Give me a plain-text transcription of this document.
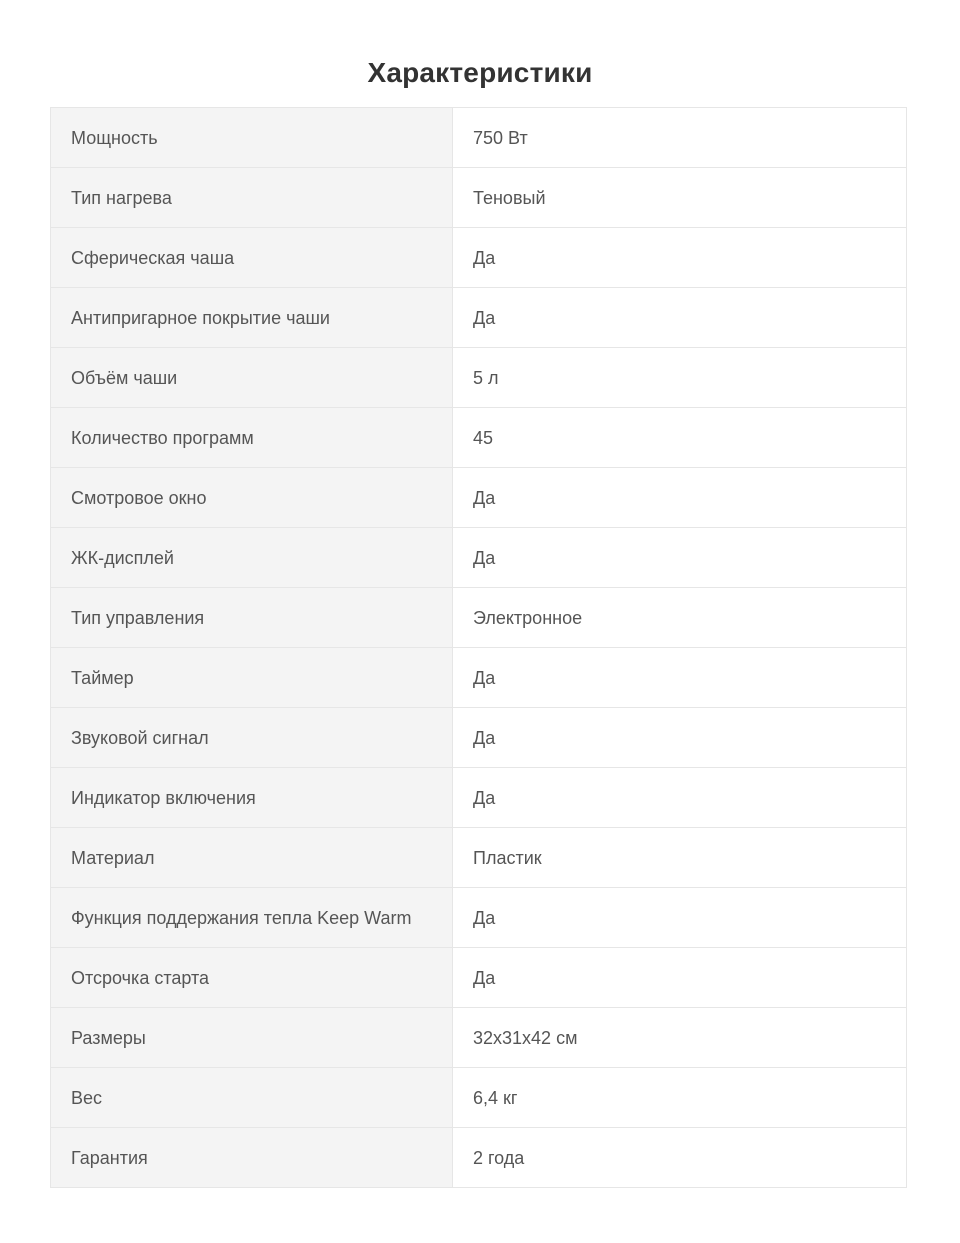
Характеристики
Мощность	750 Вт
Тип нагрева	Теновый
Сферическая чаша	Да
Антипригарное покрытие чаши	Да
Объём чаши	5 л
Количество программ	45
Смотровое окно	Да
ЖК-дисплей	Да
Тип управления	Электронное
Таймер	Да
Звуковой сигнал	Да
Индикатор включения	Да
Материал	Пластик
Функция поддержания тепла Keep Warm	Да
Отсрочка старта	Да
Размеры	32х31х42 см
Вес	6,4 кг
Гарантия	2 года
